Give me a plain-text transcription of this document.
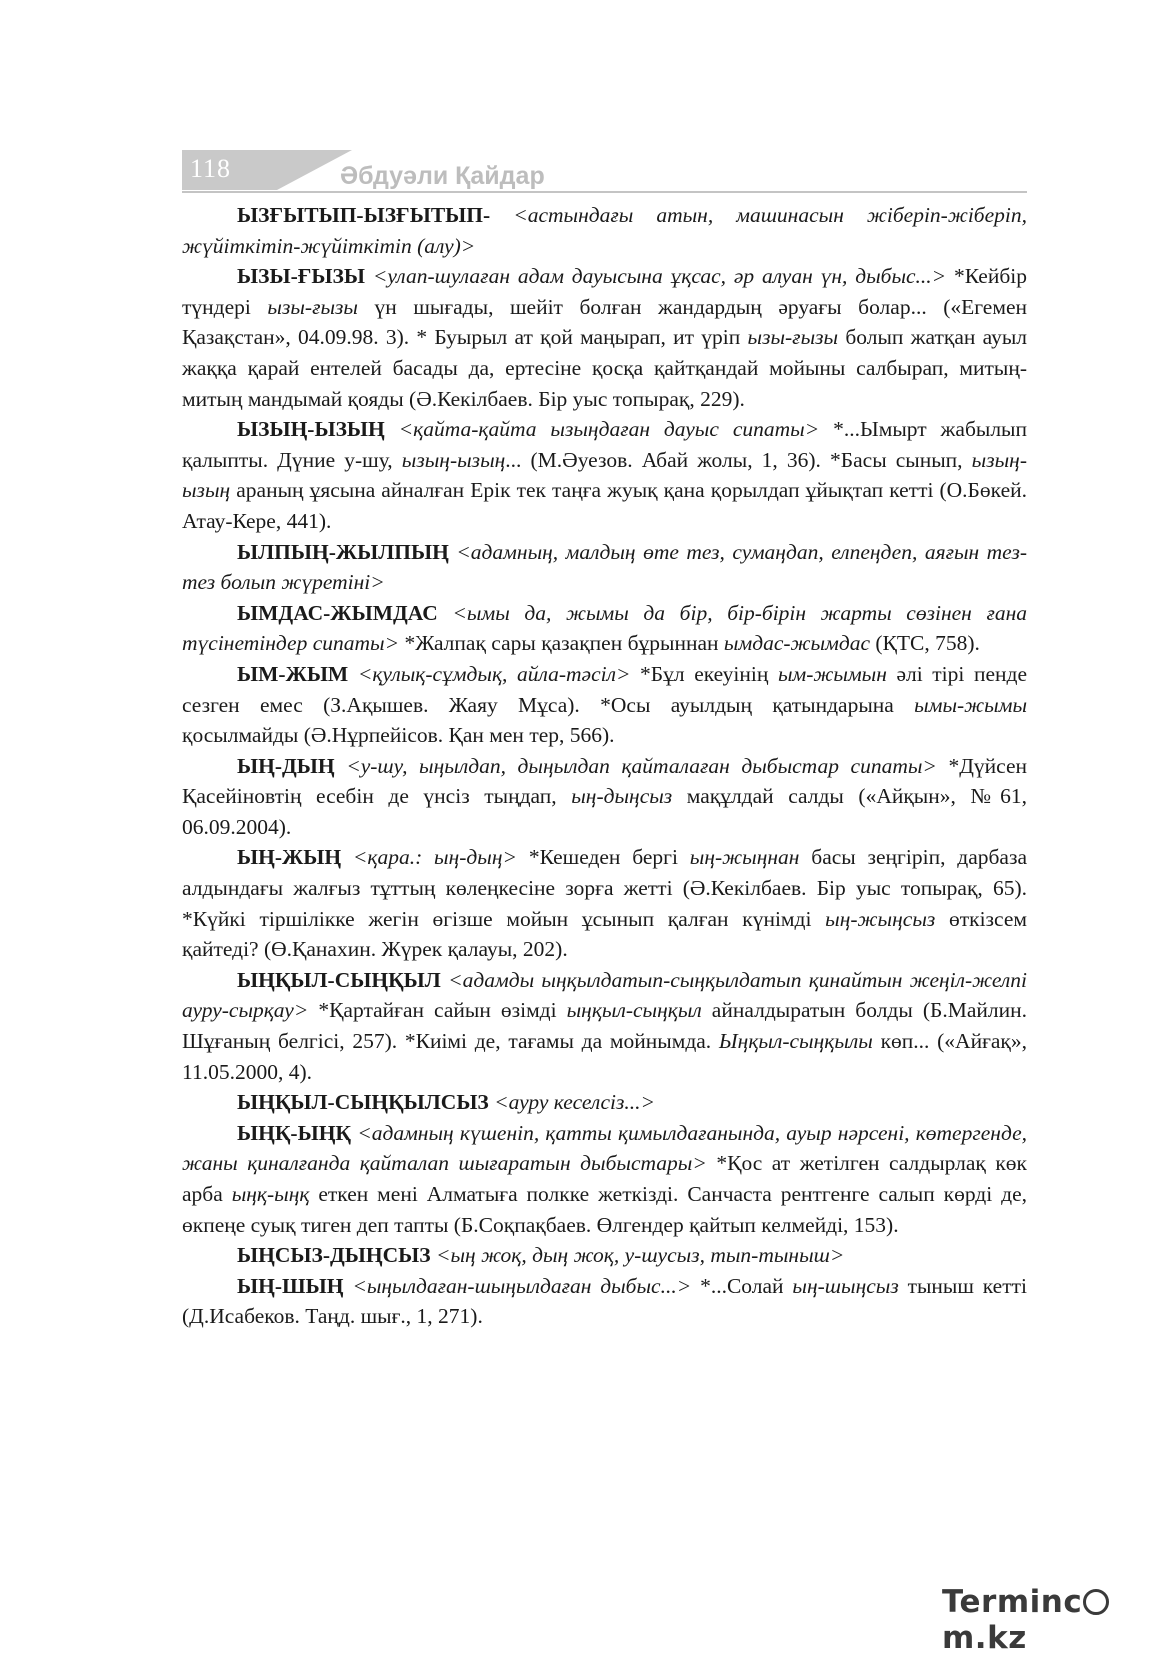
118	Әбдуәли Қайдар

ЫЗҒЫТЫП-ЫЗҒЫТЫП- <астындағы атын, машинасын жіберіп-жіберіп, жүйіткітіп-жүйіткітіп (алу)>

ЫЗЫ-ҒЫЗЫ <улап-шулаған адам дауысына ұқсас, әр алуан үн, дыбыс...> *Кейбір түндері ызы-ғызы үн шығады, шейіт болған жандардың әруағы болар... («Егемен Қазақстан», 04.09.98. 3). * Буырыл ат қой маңырап, ит үріп ызы-ғызы болып жатқан ауыл жаққа қарай ентелей басады да, ертесіне қосқа қайтқандай мойыны салбырап, митың-митың мандымай қояды (Ә.Кекілбаев. Бір уыс топырақ, 229).

ЫЗЫҢ-ЫЗЫҢ <қайта-қайта ызыңдаған дауыс сипаты> *...Ымырт жабылып қалыпты. Дүние у-шу, ызың-ызың... (М.Әуезов. Абай жолы, 1, 36). *Басы сынып, ызың-ызың араның ұясына айналған Ерік тек таңға жуық қана қорылдап ұйықтап кетті (О.Бөкей. Атау-Кере, 441).

ЫЛПЫҢ-ЖЫЛПЫҢ <адамның, малдың өте тез, сумаңдап, елпеңдеп, аяғын тез-тез болып жүретіні>

ЫМДАС-ЖЫМДАС <ымы да, жымы да бір, бір-бірін жарты сөзінен ғана түсінетіндер сипаты> *Жалпақ сары қазақпен бұрыннан ымдас-жымдас (ҚТС, 758).

ЫМ-ЖЫМ <қулық-сұмдық, айла-тәсіл> *Бұл екеуінің ым-жымын әлі тірі пенде сезген емес (З.Ақышев. Жаяу Мұса). *Осы ауылдың қатындарына ымы-жымы қосылмайды (Ә.Нұрпейісов. Қан мен тер, 566).

ЫҢ-ДЫҢ <у-шу, ыңылдап, дыңылдап қайталаған дыбыстар сипаты> *Дүйсен Қасейіновтің есебін де үнсіз тыңдап, ың-дыңсыз мақұлдай салды («Айқын», №61, 06.09.2004).

ЫҢ-ЖЫҢ <қара.: ың-дың> *Кешеден бергі ың-жыңнан басы зеңгіріп, дарбаза алдындағы жалғыз тұттың көлеңкесіне зорға жетті (Ә.Кекілбаев. Бір уыс топырақ, 65). *Күйкі тіршілікке жегін өгізше мойын ұсынып қалған күнімді ың-жыңсыз өткізсем қайтеді? (Ө.Қанахин. Жүрек қалауы, 202).

ЫҢҚЫЛ-СЫҢҚЫЛ <адамды ыңқылдатып-сыңқылдатып қинайтын жеңіл-желпі ауру-сырқау> *Қартайған сайын өзімді ыңқыл-сыңқыл айналдыратын болды (Б.Майлин. Шұғаның белгісі, 257). *Киімі де, тағамы да мойнымда. Ыңқыл-сыңқылы көп... («Айғақ», 11.05.2000, 4).

ЫҢҚЫЛ-СЫҢҚЫЛСЫЗ <ауру кеселсіз...>

ЫҢҚ-ЫҢҚ <адамның күшеніп, қатты қимылдағанында, ауыр нәрсені, көтергенде, жаны қиналғанда қайталап шығаратын дыбыстары> *Қос ат жетілген салдырлақ көк арба ыңқ-ыңқ еткен мені Алматыға полкке жеткізді. Санчаста рентгенге салып көрді де, өкпеңе суық тиген деп тапты (Б.Соқпақбаев. Өлгендер қайтып келмейді, 153).

ЫҢСЫЗ-ДЫҢСЫЗ <ың жоқ, дың жоқ, у-шусыз, тып-тыныш>

ЫҢ-ШЫҢ <ыңылдаған-шыңылдаған дыбыс...> *...Солай ың-шыңсыз тыныш кетті (Д.Исабеков. Таңд. шығ., 1, 271).

Termincm.kz
